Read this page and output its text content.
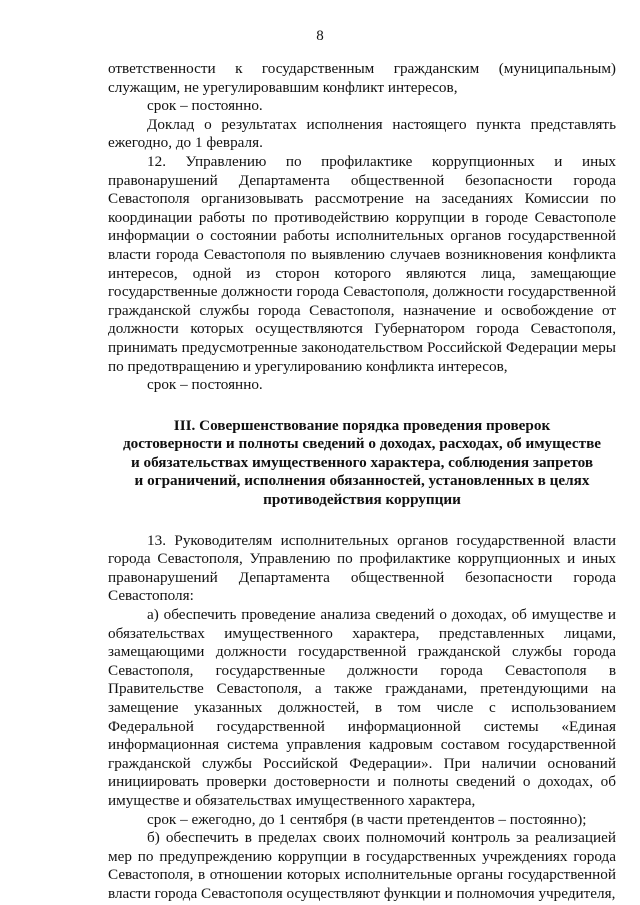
8

ответственности к государственным гражданским (муниципальным) служащим, не урегулировавшим конфликт интересов,

срок – постоянно.

Доклад о результатах исполнения настоящего пункта представлять ежегодно, до 1 февраля.

12. Управлению по профилактике коррупционных и иных правонарушений Департамента общественной безопасности города Севастополя организовывать рассмотрение на заседаниях Комиссии по координации работы по противодействию коррупции в городе Севастополе информации о состоянии работы исполнительных органов государственной власти города Севастополя по выявлению случаев возникновения конфликта интересов, одной из сторон которого являются лица, замещающие государственные должности города Севастополя, должности государственной гражданской службы города Севастополя, назначение и освобождение от должности которых осуществляются Губернатором города Севастополя, принимать предусмотренные законодательством Российской Федерации меры по предотвращению и урегулированию конфликта интересов,

срок – постоянно.

III. Совершенствование порядка проведения проверок
достоверности и полноты сведений о доходах, расходах, об имуществе
и обязательствах имущественного характера, соблюдения запретов
и ограничений, исполнения обязанностей, установленных в целях
противодействия коррупции

13. Руководителям исполнительных органов государственной власти города Севастополя, Управлению по профилактике коррупционных и иных правонарушений Департамента общественной безопасности города Севастополя:

а) обеспечить проведение анализа сведений о доходах, об имуществе и обязательствах имущественного характера, представленных лицами, замещающими должности государственной гражданской службы города Севастополя, государственные должности города Севастополя в Правительстве Севастополя, а также гражданами, претендующими на замещение указанных должностей, в том числе с использованием Федеральной государственной информационной системы «Единая информационная система управления кадровым составом государственной гражданской службы Российской Федерации». При наличии оснований инициировать проверки достоверности и полноты сведений о доходах, об имуществе и обязательствах имущественного характера,

срок – ежегодно, до 1 сентября (в части претендентов – постоянно);

б) обеспечить в пределах своих полномочий контроль за реализацией мер по предупреждению коррупции в государственных учреждениях города Севастополя, в отношении которых исполнительные органы государственной власти города Севастополя осуществляют функции и полномочия учредителя,
